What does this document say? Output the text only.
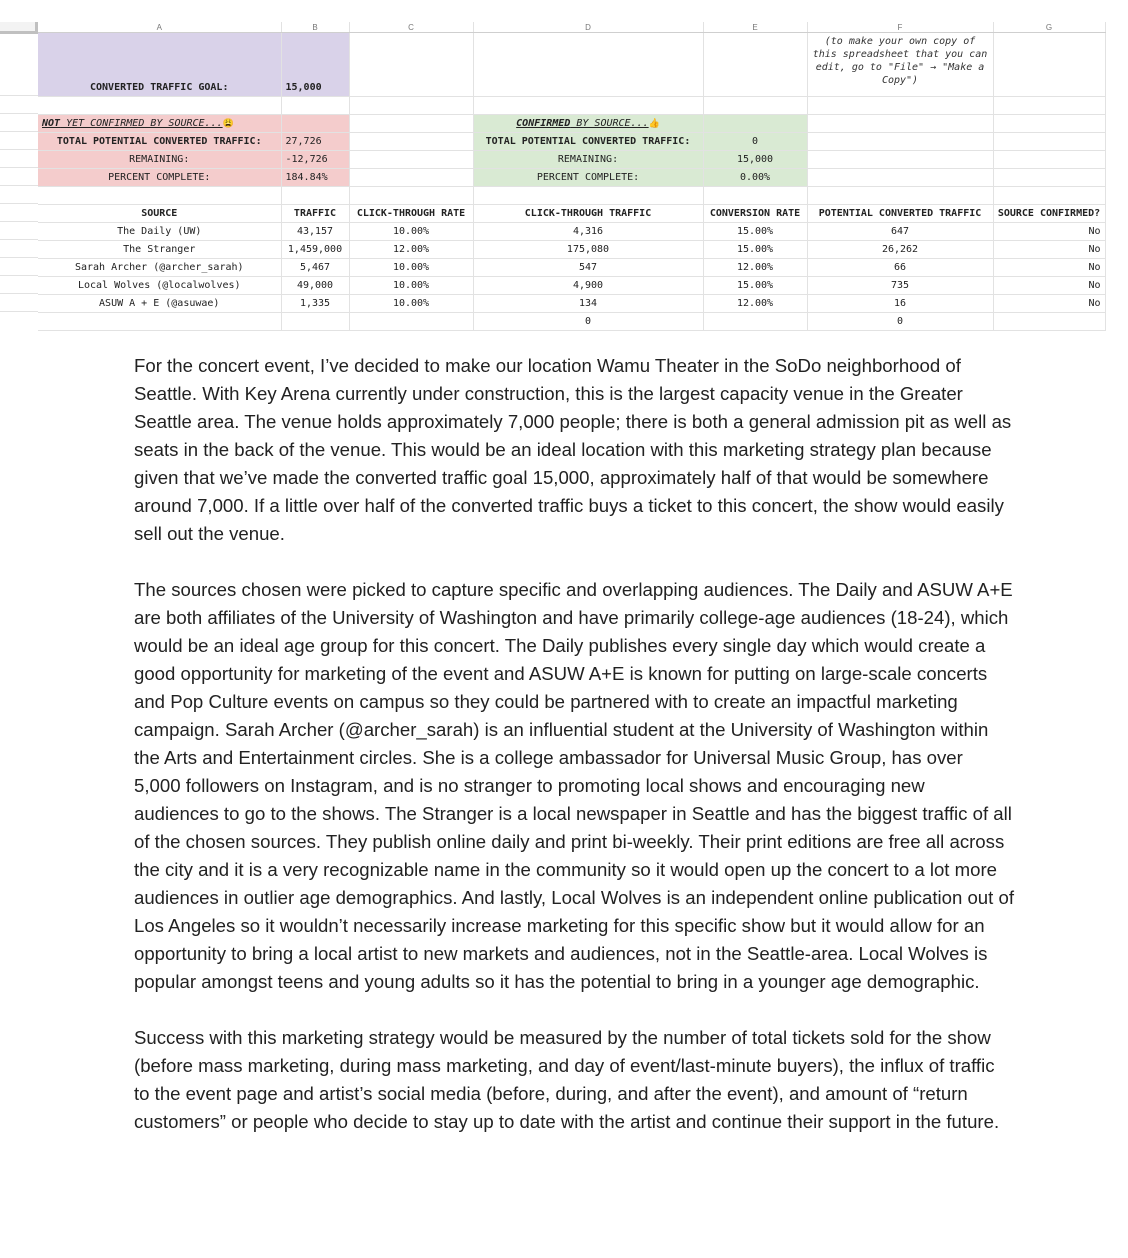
A	B	C	D	E	F	G
CONVERTED TRAFFIC GOAL:	15,000				(to make your own copy of this spreadsheet that you can edit, go to "File" → "Make a Copy")	

NOT YET CONFIRMED BY SOURCE...😩			CONFIRMED BY SOURCE...👍			
TOTAL POTENTIAL CONVERTED TRAFFIC:	27,726		TOTAL POTENTIAL CONVERTED TRAFFIC:	0		
REMAINING:	-12,726		REMAINING:	15,000		
PERCENT COMPLETE:	184.84%		PERCENT COMPLETE:	0.00%		

SOURCE	TRAFFIC	CLICK-THROUGH RATE	CLICK-THROUGH TRAFFIC	CONVERSION RATE	POTENTIAL CONVERTED TRAFFIC	SOURCE CONFIRMED?
The Daily (UW)	43,157	10.00%	4,316	15.00%	647	No
The Stranger	1,459,000	12.00%	175,080	15.00%	26,262	No
Sarah Archer (@archer_sarah)	5,467	10.00%	547	12.00%	66	No
Local Wolves (@localwolves)	49,000	10.00%	4,900	15.00%	735	No
ASUW A + E (@asuwae)	1,335	10.00%	134	12.00%	16	No
			0		0	

For the concert event, I’ve decided to make our location Wamu Theater in the SoDo neighborhood of Seattle. With Key Arena currently under construction, this is the largest capacity venue in the Greater Seattle area. The venue holds approximately 7,000 people; there is both a general admission pit as well as seats in the back of the venue. This would be an ideal location with this marketing strategy plan because given that we’ve made the converted traffic goal 15,000, approximately half of that would be somewhere around 7,000. If a little over half of the converted traffic buys a ticket to this concert, the show would easily sell out the venue.

The sources chosen were picked to capture specific and overlapping audiences. The Daily and ASUW A+E are both affiliates of the University of Washington and have primarily college-age audiences (18-24), which would be an ideal age group for this concert. The Daily publishes every single day which would create a good opportunity for marketing of the event and ASUW A+E is known for putting on large-scale concerts and Pop Culture events on campus so they could be partnered with to create an impactful marketing campaign. Sarah Archer (@archer_sarah) is an influential student at the University of Washington within the Arts and Entertainment circles. She is a college ambassador for Universal Music Group, has over 5,000 followers on Instagram, and is no stranger to promoting local shows and encouraging new audiences to go to the shows. The Stranger is a local newspaper in Seattle and has the biggest traffic of all of the chosen sources. They publish online daily and print bi-weekly. Their print editions are free all across the city and it is a very recognizable name in the community so it would open up the concert to a lot more audiences in outlier age demographics. And lastly, Local Wolves is an independent online publication out of Los Angeles so it wouldn’t necessarily increase marketing for this specific show but it would allow for an opportunity to bring a local artist to new markets and audiences, not in the Seattle-area. Local Wolves is popular amongst teens and young adults so it has the potential to bring in a younger age demographic.

Success with this marketing strategy would be measured by the number of total tickets sold for the show (before mass marketing, during mass marketing, and day of event/last-minute buyers), the influx of traffic to the event page and artist’s social media (before, during, and after the event), and amount of “return customers” or people who decide to stay up to date with the artist and continue their support in the future.
